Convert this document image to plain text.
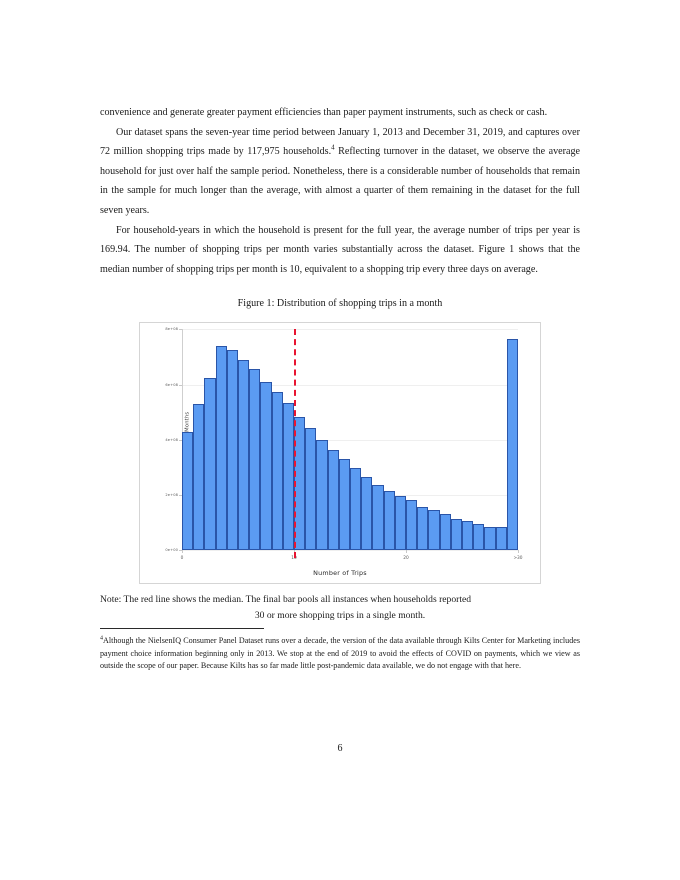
convenience and generate greater payment efficiencies than paper payment instruments, such as check or cash.

Our dataset spans the seven-year time period between January 1, 2013 and December 31, 2019, and captures over 72 million shopping trips made by 117,975 households.$^4$ Reflecting turnover in the dataset, we observe the average household for just over half the sample period. Nonetheless, there is a considerable number of households that remain in the sample for much longer than the average, with almost a quarter of them remaining in the dataset for the full seven years.

For household-years in which the household is present for the full year, the average number of trips per year is 169.94. The number of shopping trips per month varies substantially across the dataset. Figure 1 shows that the median number of shopping trips per month is 10, equivalent to a shopping trip every three days on average.

Figure 1: Distribution of shopping trips in a month
Number of Trips
0e+00
2e+08
4e+08
6e+08
8e+08
0	10	20	>30
Note: The red line shows the median. The final bar pools all instances when households reported
30 or more shopping trips in a single month.
$^4$Although the NielsenIQ Consumer Panel Dataset runs over a decade, the version of the data available through Kilts Center for Marketing includes payment choice information beginning only in 2013. We stop at the end of 2019 to avoid the effects of COVID on payments, which we view as outside the scope of our paper. Because Kilts has so far made little post-pandemic data available, we do not engage with that here.
6
